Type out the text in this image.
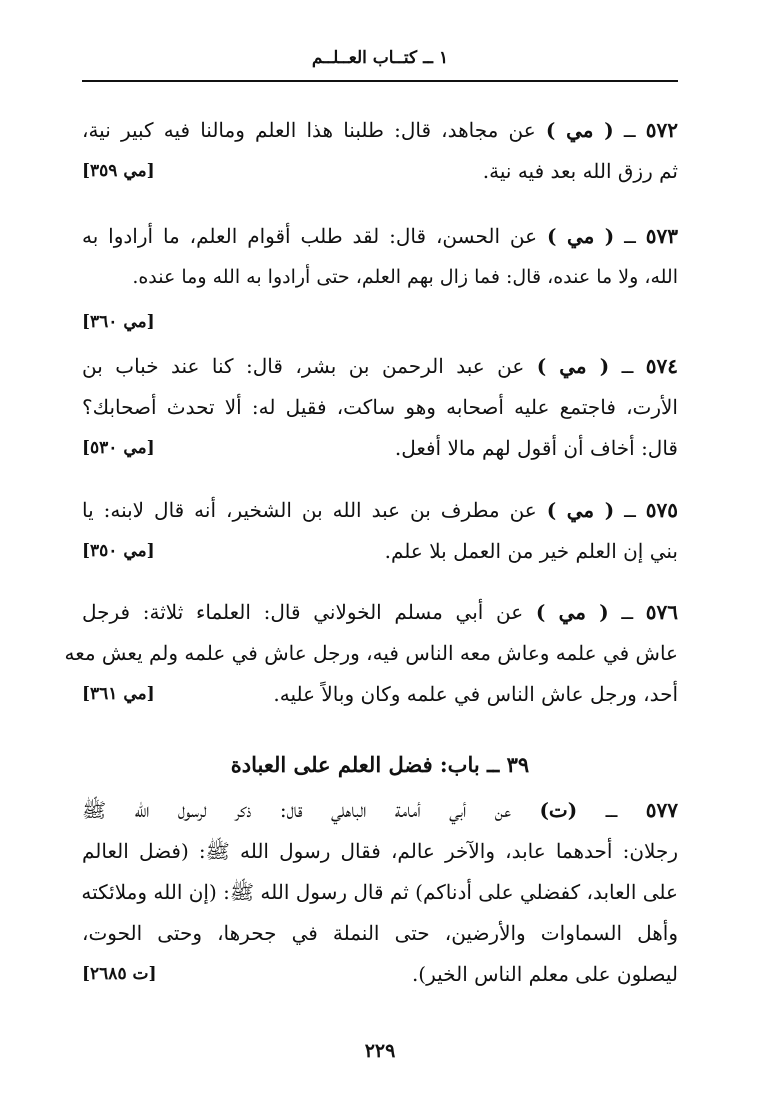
١ ــ كتــاب العــلــم
٥٧٢ ــ ( مي ) عن مجاهد، قال: طلبنا هذا العلم ومالنا فيه كبير نية،
ثم رزق الله بعد فيه نية.
[مي ٣٥٩]
٥٧٣ ــ ( مي ) عن الحسن، قال: لقد طلب أقوام العلم، ما أرادوا به
الله، ولا ما عنده، قال: فما زال بهم العلم، حتى أرادوا به الله وما عنده.
[مي ٣٦٠]
٥٧٤ ــ ( مي ) عن عبد الرحمن بن بشر، قال: كنا عند خباب بن
الأرت، فاجتمع عليه أصحابه وهو ساكت، فقيل له: ألا تحدث أصحابك؟
قال: أخاف أن أقول لهم مالا أفعل.
[مي ٥٣٠]
٥٧٥ ــ ( مي ) عن مطرف بن عبد الله بن الشخير، أنه قال لابنه: يا
بني إن العلم خير من العمل بلا علم.
[مي ٣٥٠]
٥٧٦ ــ ( مي ) عن أبي مسلم الخولاني قال: العلماء ثلاثة: فرجل
عاش في علمه وعاش معه الناس فيه، ورجل عاش في علمه ولم يعش معه
أحد، ورجل عاش الناس في علمه وكان وبالاً عليه.
[مي ٣٦١]
٣٩ ــ باب: فضل العلم على العبادة
٥٧٧ ــ (ت) عن أبي أمامة الباهلي قال: ذكر لرسول الله ﷺ
رجلان: أحدهما عابد، والآخر عالم، فقال رسول الله ﷺ: (فضل العالم
على العابد، كفضلي على أدناكم) ثم قال رسول الله ﷺ: (إن الله وملائكته
وأهل السماوات والأرضين، حتى النملة في جحرها، وحتى الحوت،
ليصلون على معلم الناس الخير).
[ت ٢٦٨٥]
٢٢٩
